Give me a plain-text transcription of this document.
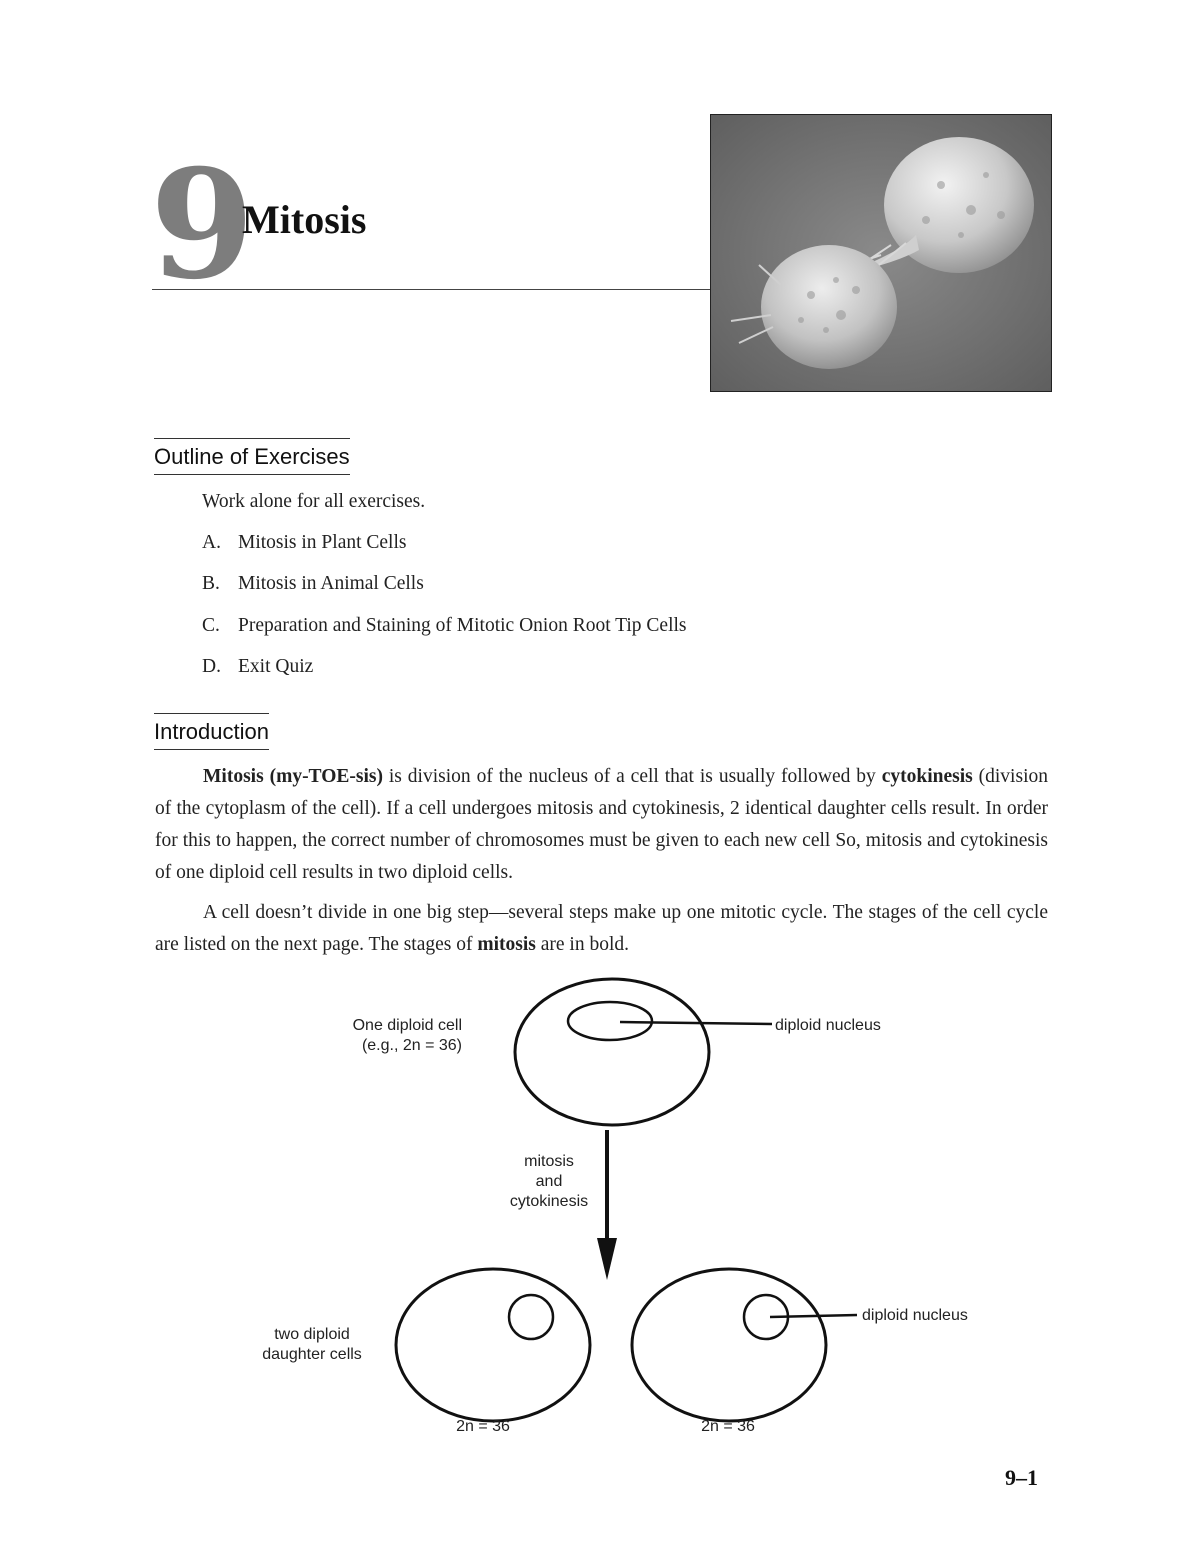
9
Mitosis
Outline of Exercises
Work alone for all exercises.
A. Mitosis in Plant Cells
B. Mitosis in Animal Cells
C. Preparation and Staining of Mitotic Onion Root Tip Cells
D. Exit Quiz
Introduction

Mitosis (my-TOE-sis) is division of the nucleus of a cell that is usually followed by cytokinesis (division of the cytoplasm of the cell). If a cell undergoes mitosis and cytokinesis, 2 identical daughter cells result. In order for this to happen, the correct number of chromosomes must be given to each new cell So, mitosis and cytokinesis of one diploid cell results in two diploid cells.

A cell doesn’t divide in one big step—several steps make up one mitotic cycle. The stages of the cell cycle are listed on the next page. The stages of mitosis are in bold.

One diploid cell
(e.g., 2n = 36)
diploid nucleus
mitosis
and
cytokinesis
two diploid
daughter cells
diploid nucleus
2n = 36	2n = 36
9–1
